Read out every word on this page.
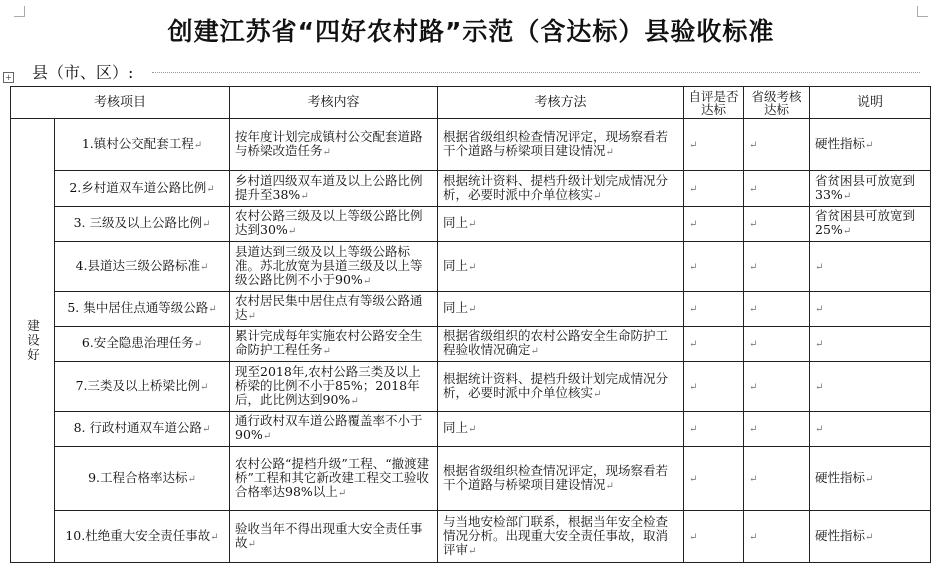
创建江苏省“四好农村路”示范（含达标）县验收标准
+ 县（市、区）:
考核项目		考核内容	考核方法	自评是否达标	省级考核达标	说明
建设好	1.镇村公交配套工程↵	按年度计划完成镇村公交配套道路与桥梁改造任务↵	根据省级组织检查情况评定，现场察看若干个道路与桥梁项目建设情况↵	↵	↵	硬性指标↵
	2.乡村道双车道公路比例↵	乡村道四级双车道及以上公路比例提升至38%↵	根据统计资料、提档升级计划完成情况分析，必要时派中介单位核实↵	↵	↵	省贫困县可放宽到33%↵
	3. 三级及以上公路比例↵	农村公路三级及以上等级公路比例达到30%↵	同上↵	↵	↵	省贫困县可放宽到25%↵
	4.县道达三级公路标准↵	县道达到三级及以上等级公路标准。苏北放宽为县道三级及以上等级公路比例不小于90%↵	同上↵	↵	↵	↵
	5. 集中居住点通等级公路↵	农村居民集中居住点有等级公路通达↵	同上↵	↵	↵	↵
	6.安全隐患治理任务↵	累计完成每年实施农村公路安全生命防护工程任务↵	根据省级组织的农村公路安全生命防护工程验收情况确定↵	↵	↵	↵
	7.三类及以上桥梁比例↵	现至2018年,农村公路三类及以上桥梁的比例不小于85%；2018年后，此比例达到90%↵	根据统计资料、提档升级计划完成情况分析，必要时派中介单位核实↵	↵	↵	↵
	8. 行政村通双车道公路↵	通行政村双车道公路覆盖率不小于90%↵	同上↵	↵	↵	↵
	9.工程合格率达标↵	农村公路“提档升级”工程、“撤渡建桥”工程和其它新改建工程交工验收合格率达98%以上↵	根据省级组织检查情况评定，现场察看若干个道路与桥梁项目建设情况↵	↵	↵	硬性指标↵
	10.杜绝重大安全责任事故↵	验收当年不得出现重大安全责任事故↵	与当地安检部门联系，根据当年安全检查情况分析。出现重大安全责任事故，取消评审↵	↵	↵	硬性指标↵
